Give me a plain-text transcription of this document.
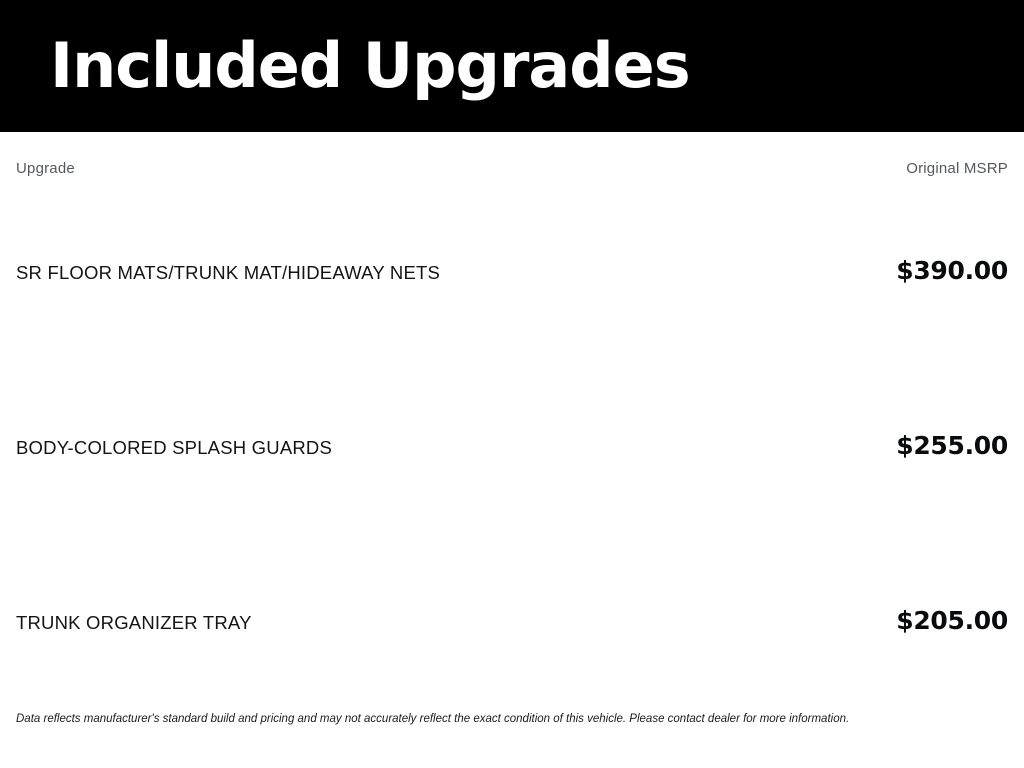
Included Upgrades
Upgrade	Original MSRP
SR FLOOR MATS/TRUNK MAT/HIDEAWAY NETS	$390.00
BODY-COLORED SPLASH GUARDS	$255.00
TRUNK ORGANIZER TRAY	$205.00
Data reflects manufacturer's standard build and pricing and may not accurately reflect the exact condition of this vehicle. Please contact dealer for more information.
